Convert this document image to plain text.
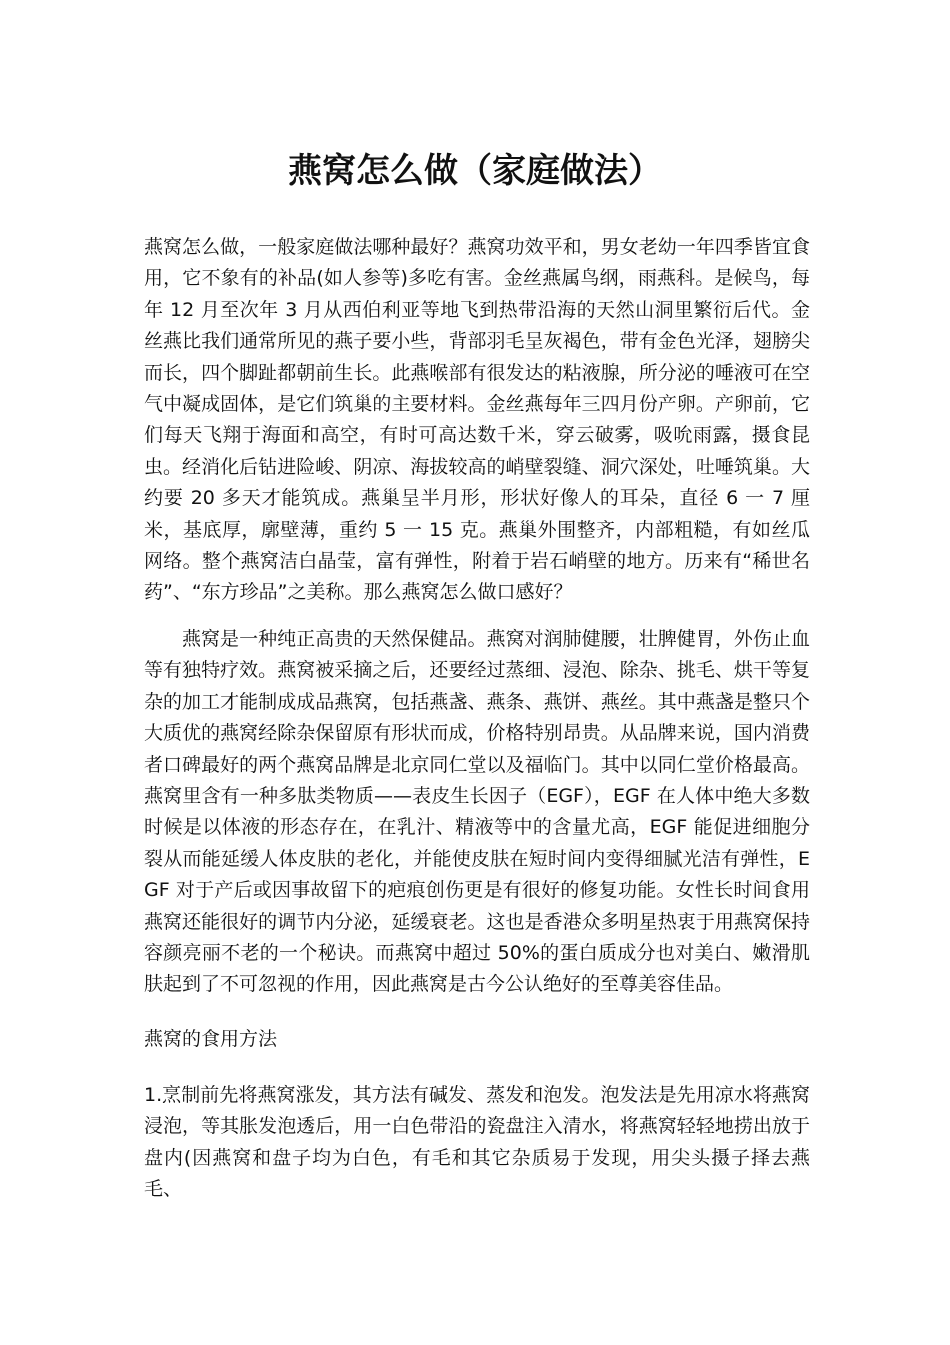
燕窝怎么做（家庭做法）

燕窝怎么做，一般家庭做法哪种最好？燕窝功效平和，男女老幼一年四季皆宜食用，它不象有的补品(如人参等)多吃有害。金丝燕属鸟纲，雨燕科。是候鸟，每年 12 月至次年 3 月从西伯利亚等地飞到热带沿海的天然山洞里繁衍后代。金丝燕比我们通常所见的燕子要小些，背部羽毛呈灰褐色，带有金色光泽，翅膀尖而长，四个脚趾都朝前生长。此燕喉部有很发达的粘液腺，所分泌的唾液可在空气中凝成固体，是它们筑巢的主要材料。金丝燕每年三四月份产卵。产卵前，它们每天飞翔于海面和高空，有时可高达数千米，穿云破雾，吸吮雨露，摄食昆虫。经消化后钻进险峻、阴凉、海拔较高的峭壁裂缝、洞穴深处，吐唾筑巢。大约要 20 多天才能筑成。燕巢呈半月形，形状好像人的耳朵，直径 6 一 7 厘米，基底厚，廓壁薄，重约 5 一 15 克。燕巢外围整齐，内部粗糙，有如丝瓜网络。整个燕窝洁白晶莹，富有弹性，附着于岩石峭壁的地方。历来有“稀世名药”、“东方珍品”之美称。那么燕窝怎么做口感好？

燕窝是一种纯正高贵的天然保健品。燕窝对润肺健腰，壮脾健胃，外伤止血等有独特疗效。燕窝被采摘之后，还要经过蒸细、浸泡、除杂、挑毛、烘干等复杂的加工才能制成成品燕窝，包括燕盏、燕条、燕饼、燕丝。其中燕盏是整只个大质优的燕窝经除杂保留原有形状而成，价格特别昂贵。从品牌来说，国内消费者口碑最好的两个燕窝品牌是北京同仁堂以及福临门。其中以同仁堂价格最高。燕窝里含有一种多肽类物质——表皮生长因子（EGF），EGF 在人体中绝大多数时候是以体液的形态存在，在乳汁、精液等中的含量尤高，EGF 能促进细胞分裂从而能延缓人体皮肤的老化，并能使皮肤在短时间内变得细腻光洁有弹性，EGF 对于产后或因事故留下的疤痕创伤更是有很好的修复功能。女性长时间食用燕窝还能很好的调节内分泌，延缓衰老。这也是香港众多明星热衷于用燕窝保持容颜亮丽不老的一个秘诀。而燕窝中超过 50%的蛋白质成分也对美白、嫩滑肌肤起到了不可忽视的作用，因此燕窝是古今公认绝好的至尊美容佳品。

燕窝的食用方法

1.烹制前先将燕窝涨发，其方法有碱发、蒸发和泡发。泡发法是先用凉水将燕窝浸泡，等其胀发泡透后，用一白色带沿的瓷盘注入清水，将燕窝轻轻地捞出放于盘内(因燕窝和盘子均为白色，有毛和其它杂质易于发现，用尖头摄子择去燕毛、
